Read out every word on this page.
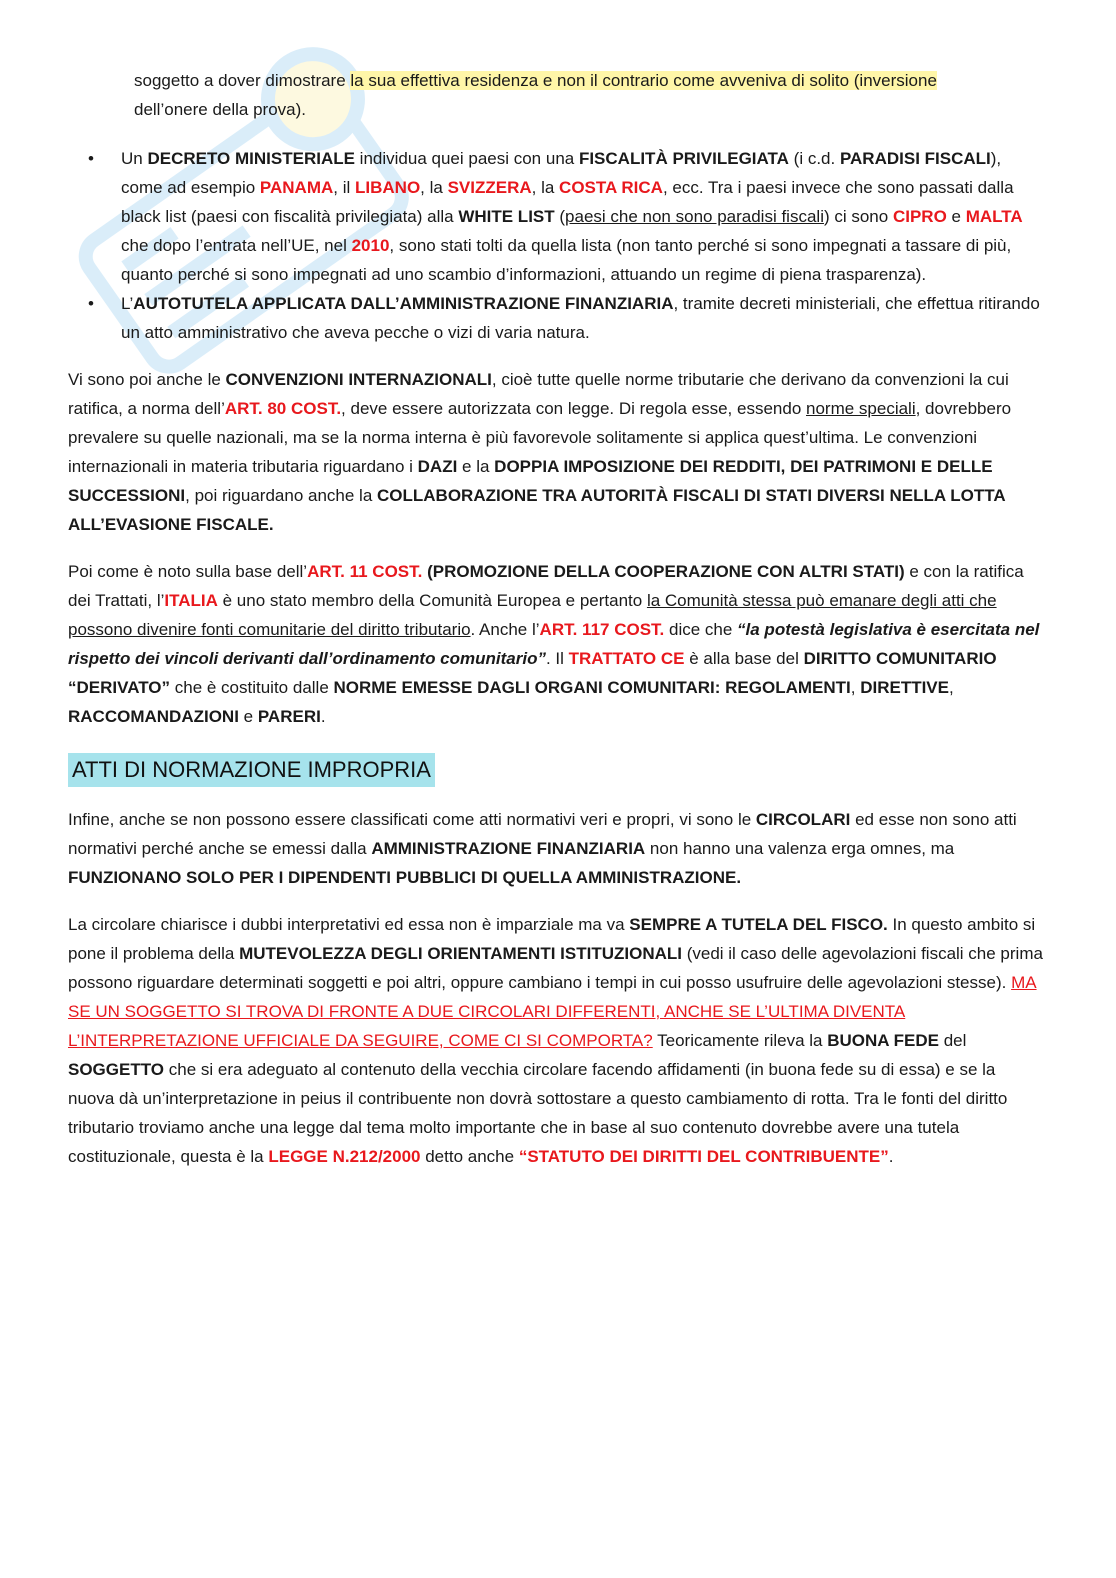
soggetto a dover dimostrare la sua effettiva residenza e non il contrario come avveniva di solito (inversione
dell’onere della prova).

• Un DECRETO MINISTERIALE individua quei paesi con una FISCALITÀ PRIVILEGIATA (i c.d. PARADISI FISCALI), come ad esempio PANAMA, il LIBANO, la SVIZZERA, la COSTA RICA, ecc. Tra i paesi invece che sono passati dalla black list (paesi con fiscalità privilegiata) alla WHITE LIST (paesi che non sono paradisi fiscali) ci sono CIPRO e MALTA che dopo l’entrata nell’UE, nel 2010, sono stati tolti da quella lista (non tanto perché si sono impegnati a tassare di più, quanto perché si sono impegnati ad uno scambio d’informazioni, attuando un regime di piena trasparenza).
• L’AUTOTUTELA APPLICATA DALL’AMMINISTRAZIONE FINANZIARIA, tramite decreti ministeriali, che effettua ritirando un atto amministrativo che aveva pecche o vizi di varia natura.

Vi sono poi anche le CONVENZIONI INTERNAZIONALI, cioè tutte quelle norme tributarie che derivano da convenzioni la cui ratifica, a norma dell’ART. 80 COST., deve essere autorizzata con legge. Di regola esse, essendo norme speciali, dovrebbero prevalere su quelle nazionali, ma se la norma interna è più favorevole solitamente si applica quest’ultima. Le convenzioni internazionali in materia tributaria riguardano i DAZI e la DOPPIA IMPOSIZIONE DEI REDDITI, DEI PATRIMONI E DELLE SUCCESSIONI, poi riguardano anche la COLLABORAZIONE TRA AUTORITÀ FISCALI DI STATI DIVERSI NELLA LOTTA ALL’EVASIONE FISCALE.

Poi come è noto sulla base dell’ART. 11 COST. (PROMOZIONE DELLA COOPERAZIONE CON ALTRI STATI) e con la ratifica dei Trattati, l’ITALIA è uno stato membro della Comunità Europea e pertanto la Comunità stessa può emanare degli atti che possono divenire fonti comunitarie del diritto tributario. Anche l’ART. 117 COST. dice che “la potestà legislativa è esercitata nel rispetto dei vincoli derivanti dall’ordinamento comunitario”. Il TRATTATO CE è alla base del DIRITTO COMUNITARIO “DERIVATO” che è costituito dalle NORME EMESSE DAGLI ORGANI COMUNITARI: REGOLAMENTI, DIRETTIVE, RACCOMANDAZIONI e PARERI.

ATTI DI NORMAZIONE IMPROPRIA

Infine, anche se non possono essere classificati come atti normativi veri e propri, vi sono le CIRCOLARI ed esse non sono atti normativi perché anche se emessi dalla AMMINISTRAZIONE FINANZIARIA non hanno una valenza erga omnes, ma FUNZIONANO SOLO PER I DIPENDENTI PUBBLICI DI QUELLA AMMINISTRAZIONE.

La circolare chiarisce i dubbi interpretativi ed essa non è imparziale ma va SEMPRE A TUTELA DEL FISCO. In questo ambito si pone il problema della MUTEVOLEZZA DEGLI ORIENTAMENTI ISTITUZIONALI (vedi il caso delle agevolazioni fiscali che prima possono riguardare determinati soggetti e poi altri, oppure cambiano i tempi in cui posso usufruire delle agevolazioni stesse). MA SE UN SOGGETTO SI TROVA DI FRONTE A DUE CIRCOLARI DIFFERENTI, ANCHE SE L’ULTIMA DIVENTA L’INTERPRETAZIONE UFFICIALE DA SEGUIRE, COME CI SI COMPORTA? Teoricamente rileva la BUONA FEDE del SOGGETTO che si era adeguato al contenuto della vecchia circolare facendo affidamenti (in buona fede su di essa) e se la nuova dà un’interpretazione in peius il contribuente non dovrà sottostare a questo cambiamento di rotta. Tra le fonti del diritto tributario troviamo anche una legge dal tema molto importante che in base al suo contenuto dovrebbe avere una tutela costituzionale, questa è la LEGGE N.212/2000 detto anche “STATUTO DEI DIRITTI DEL CONTRIBUENTE”.
